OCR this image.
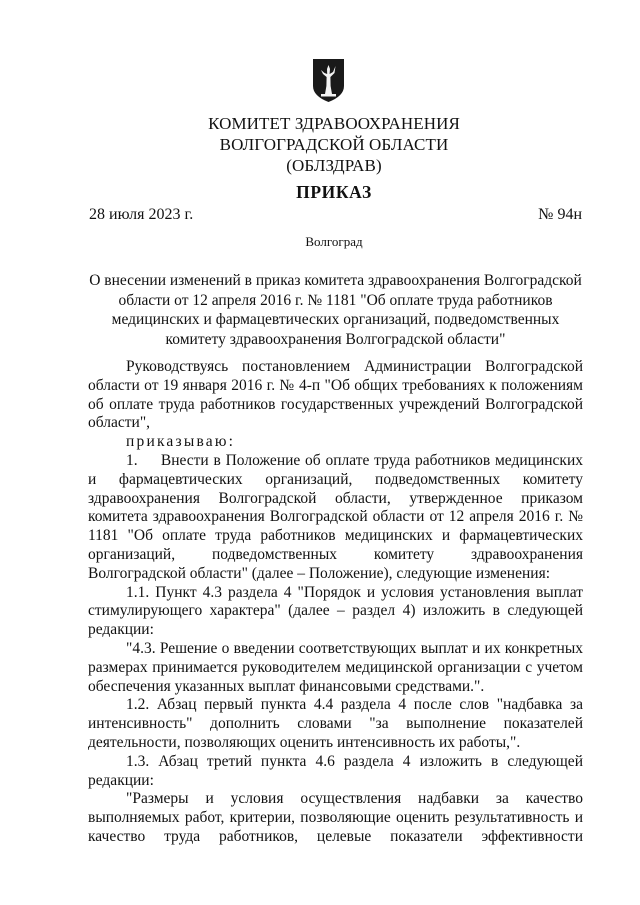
КОМИТЕТ ЗДРАВООХРАНЕНИЯ
ВОЛГОГРАДСКОЙ ОБЛАСТИ
(ОБЛЗДРАВ)
ПРИКАЗ
28 июля 2023 г.	№ 94н
Волгоград
О внесении изменений в приказ комитета здравоохранения Волгоградской области от 12 апреля 2016 г. № 1181 "Об оплате труда работников медицинских и фармацевтических организаций, подведомственных комитету здравоохранения Волгоградской области"

Руководствуясь постановлением Администрации Волгоградской области от 19 января 2016 г. № 4-п "Об общих требованиях к положениям об оплате труда работников государственных учреждений Волгоградской области",

приказываю:

1.  Внести в Положение об оплате труда работников медицинских и фармацевтических организаций, подведомственных комитету здравоохранения Волгоградской области, утвержденное приказом комитета здравоохранения Волгоградской области от 12 апреля 2016 г. № 1181 "Об оплате труда работников медицинских и фармацевтических организаций, подведомственных комитету здравоохранения Волгоградской области" (далее – Положение), следующие изменения:

1.1. Пункт 4.3 раздела 4 "Порядок и условия установления выплат стимулирующего характера" (далее – раздел 4) изложить в следующей редакции:

"4.3. Решение о введении соответствующих выплат и их конкретных размерах принимается руководителем медицинской организации с учетом обеспечения указанных выплат финансовыми средствами.".

1.2. Абзац первый пункта 4.4 раздела 4 после слов "надбавка за интенсивность" дополнить словами "за выполнение показателей деятельности, позволяющих оценить интенсивность их работы,".

1.3. Абзац третий пункта 4.6 раздела 4 изложить в следующей редакции:

"Размеры и условия осуществления надбавки за качество выполняемых работ, критерии, позволяющие оценить результативность и качество труда работников, целевые показатели эффективности
